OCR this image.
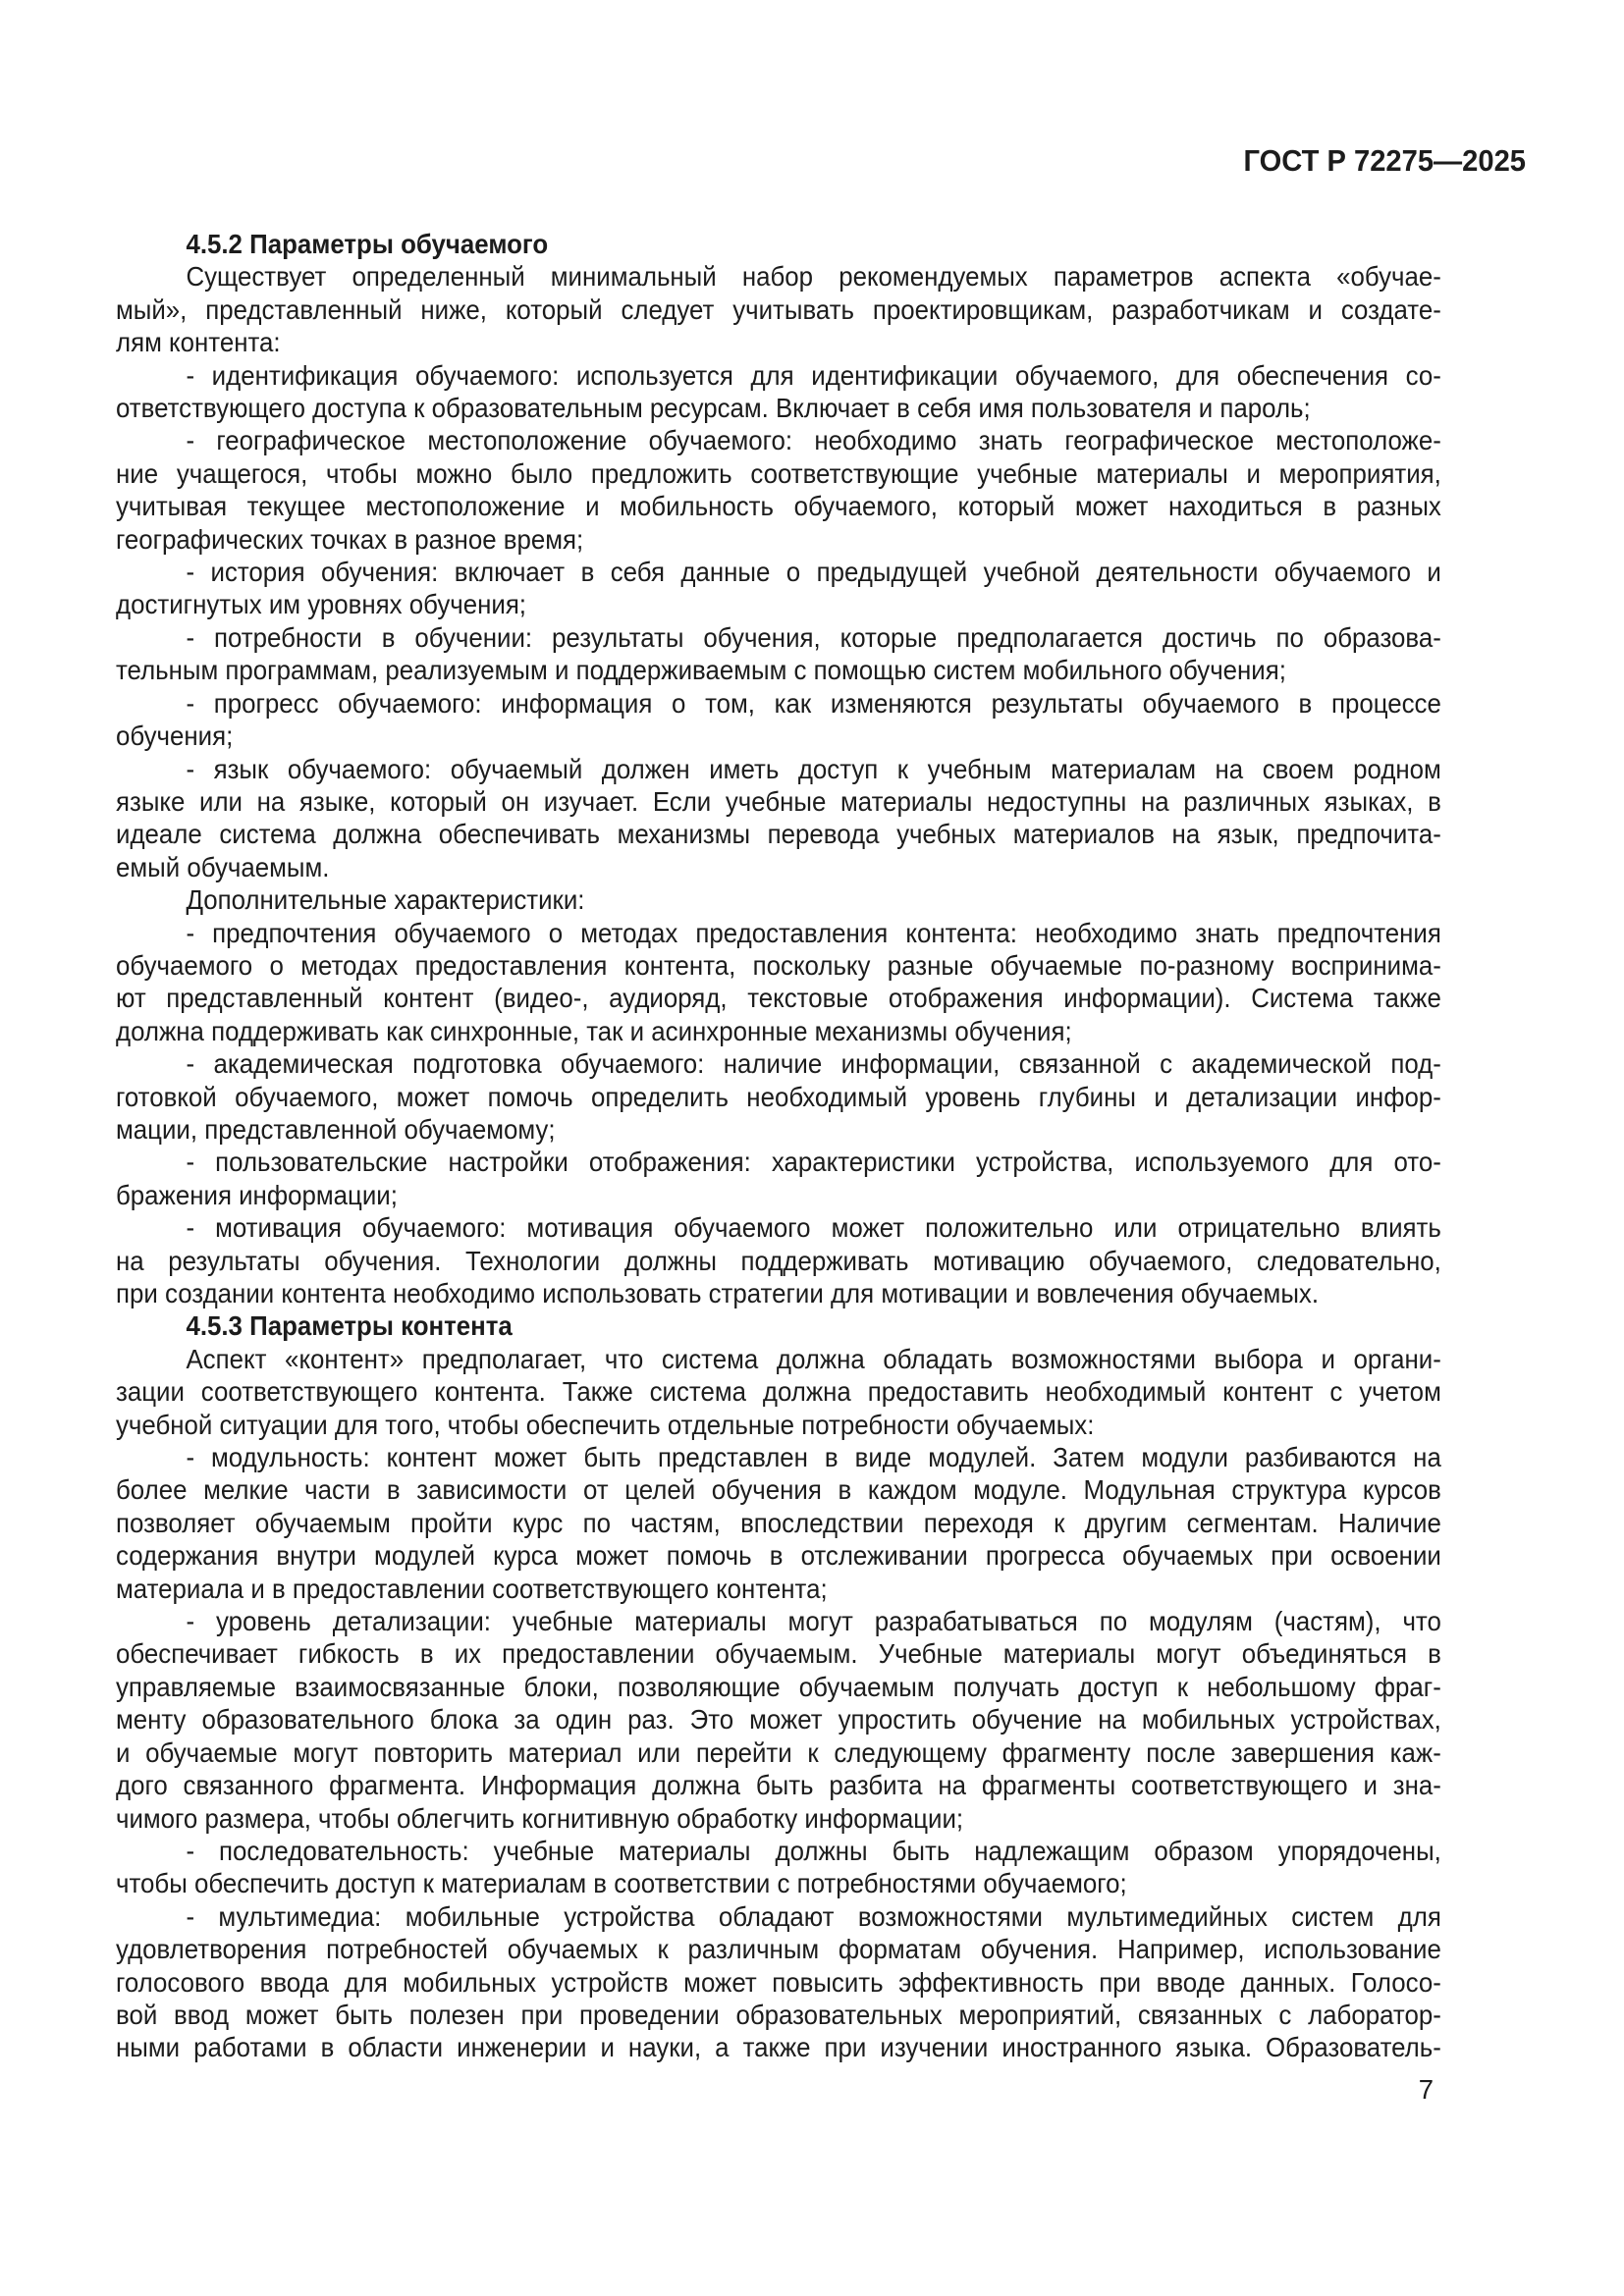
ГОСТ Р 72275—2025
4.5.2 Параметры обучаемого
Существует определенный минимальный набор рекомендуемых параметров аспекта «обучае-
мый», представленный ниже, который следует учитывать проектировщикам, разработчикам и создате-
лям контента:
- идентификация обучаемого: используется для идентификации обучаемого, для обеспечения со-
ответствующего доступа к образовательным ресурсам. Включает в себя имя пользователя и пароль;
- географическое местоположение обучаемого: необходимо знать географическое местоположе-
ние учащегося, чтобы можно было предложить соответствующие учебные материалы и мероприятия,
учитывая текущее местоположение и мобильность обучаемого, который может находиться в разных
географических точках в разное время;
- история обучения: включает в себя данные о предыдущей учебной деятельности обучаемого и
достигнутых им уровнях обучения;
- потребности в обучении: результаты обучения, которые предполагается достичь по образова-
тельным программам, реализуемым и поддерживаемым с помощью систем мобильного обучения;
- прогресс обучаемого: информация о том, как изменяются результаты обучаемого в процессе
обучения;
- язык обучаемого: обучаемый должен иметь доступ к учебным материалам на своем родном
языке или на языке, который он изучает. Если учебные материалы недоступны на различных языках, в
идеале система должна обеспечивать механизмы перевода учебных материалов на язык, предпочита-
емый обучаемым.
Дополнительные характеристики:
- предпочтения обучаемого о методах предоставления контента: необходимо знать предпочтения
обучаемого о методах предоставления контента, поскольку разные обучаемые по-разному воспринима-
ют представленный контент (видео-, аудиоряд, текстовые отображения информации). Система также
должна поддерживать как синхронные, так и асинхронные механизмы обучения;
- академическая подготовка обучаемого: наличие информации, связанной с академической под-
готовкой обучаемого, может помочь определить необходимый уровень глубины и детализации инфор-
мации, представленной обучаемому;
- пользовательские настройки отображения: характеристики устройства, используемого для ото-
бражения информации;
- мотивация обучаемого: мотивация обучаемого может положительно или отрицательно влиять
на результаты обучения. Технологии должны поддерживать мотивацию обучаемого, следовательно,
при создании контента необходимо использовать стратегии для мотивации и вовлечения обучаемых.
4.5.3 Параметры контента
Аспект «контент» предполагает, что система должна обладать возможностями выбора и органи-
зации соответствующего контента. Также система должна предоставить необходимый контент с учетом
учебной ситуации для того, чтобы обеспечить отдельные потребности обучаемых:
- модульность: контент может быть представлен в виде модулей. Затем модули разбиваются на
более мелкие части в зависимости от целей обучения в каждом модуле. Модульная структура курсов
позволяет обучаемым пройти курс по частям, впоследствии переходя к другим сегментам. Наличие
содержания внутри модулей курса может помочь в отслеживании прогресса обучаемых при освоении
материала и в предоставлении соответствующего контента;
- уровень детализации: учебные материалы могут разрабатываться по модулям (частям), что
обеспечивает гибкость в их предоставлении обучаемым. Учебные материалы могут объединяться в
управляемые взаимосвязанные блоки, позволяющие обучаемым получать доступ к небольшому фраг-
менту образовательного блока за один раз. Это может упростить обучение на мобильных устройствах,
и обучаемые могут повторить материал или перейти к следующему фрагменту после завершения каж-
дого связанного фрагмента. Информация должна быть разбита на фрагменты соответствующего и зна-
чимого размера, чтобы облегчить когнитивную обработку информации;
- последовательность: учебные материалы должны быть надлежащим образом упорядочены,
чтобы обеспечить доступ к материалам в соответствии с потребностями обучаемого;
- мультимедиа: мобильные устройства обладают возможностями мультимедийных систем для
удовлетворения потребностей обучаемых к различным форматам обучения. Например, использование
голосового ввода для мобильных устройств может повысить эффективность при вводе данных. Голосо-
вой ввод может быть полезен при проведении образовательных мероприятий, связанных с лаборатор-
ными работами в области инженерии и науки, а также при изучении иностранного языка. Образователь-
7
